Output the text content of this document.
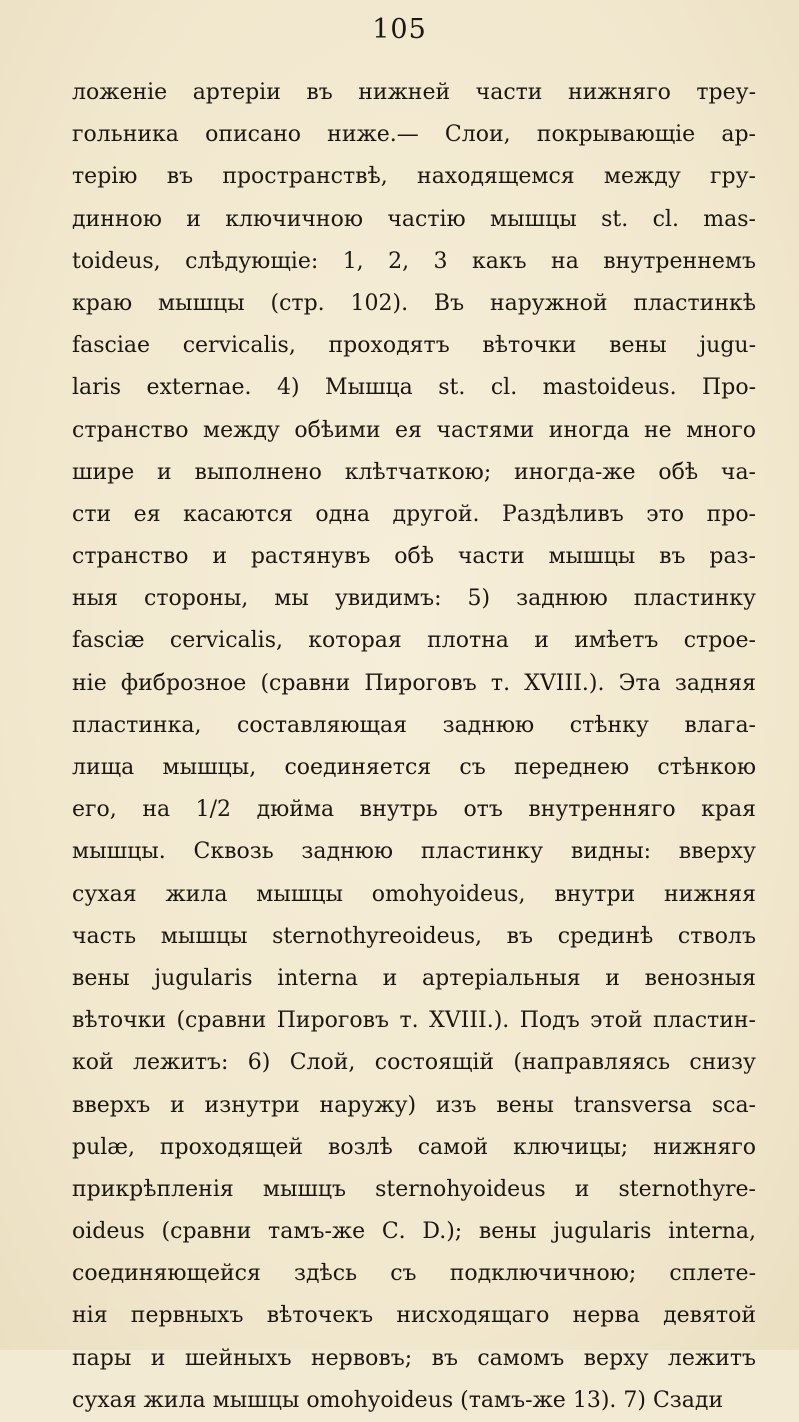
105
ложеніе артеріи въ нижней части нижняго треу-
гольника описано ниже.— Слои, покрывающіе ар-
терію въ пространствѣ, находящемся между гру-
динною и ключичною частію мышцы st. cl. mas-
toideus, слѣдующіе: 1, 2, 3 какъ на внутреннемъ
краю мышцы (стр. 102). Въ наружной пластинкѣ
fasciae cervicalis, проходятъ вѣточки вены jugu-
laris externae. 4) Мышца st. cl. mastoideus. Про-
странство между обѣими ея частями иногда не много
шире и выполнено клѣтчаткою; иногда-же обѣ ча-
сти ея касаются одна другой. Раздѣливъ это про-
странство и растянувъ обѣ части мышцы въ раз-
ныя стороны, мы увидимъ: 5) заднюю пластинку
fasciæ cervicalis, которая плотна и имѣетъ строе-
ніе фиброзное (сравни Пироговъ т. XVIII.). Эта задняя
пластинка, составляющая заднюю стѣнку влага-
лища мышцы, соединяется съ переднею стѣнкою
его, на 1/2 дюйма внутрь отъ внутренняго края
мышцы. Сквозь заднюю пластинку видны: вверху
сухая жила мышцы omohyoideus, внутри нижняя
часть мышцы sternothyreoideus, въ срединѣ стволъ
вены jugularis interna и артеріальныя и венозныя
вѣточки (сравни Пироговъ т. XVIII.). Подъ этой пластин-
кой лежитъ: 6) Слой, состоящій (направляясь снизу
вверхъ и изнутри наружу) изъ вены transversa sca-
pulæ, проходящей возлѣ самой ключицы; нижняго
прикрѣпленія мышцъ sternohyoideus и sternothyre-
oideus (сравни тамъ-же С. D.); вены jugularis interna,
соединяющейся здѣсь съ подключичною; сплете-
нія первныхъ вѣточекъ нисходящаго нерва девятой
пары и шейныхъ нервовъ; въ самомъ верху лежитъ
сухая жила мышцы omohyoideus (тамъ-же 13). 7) Сзади
